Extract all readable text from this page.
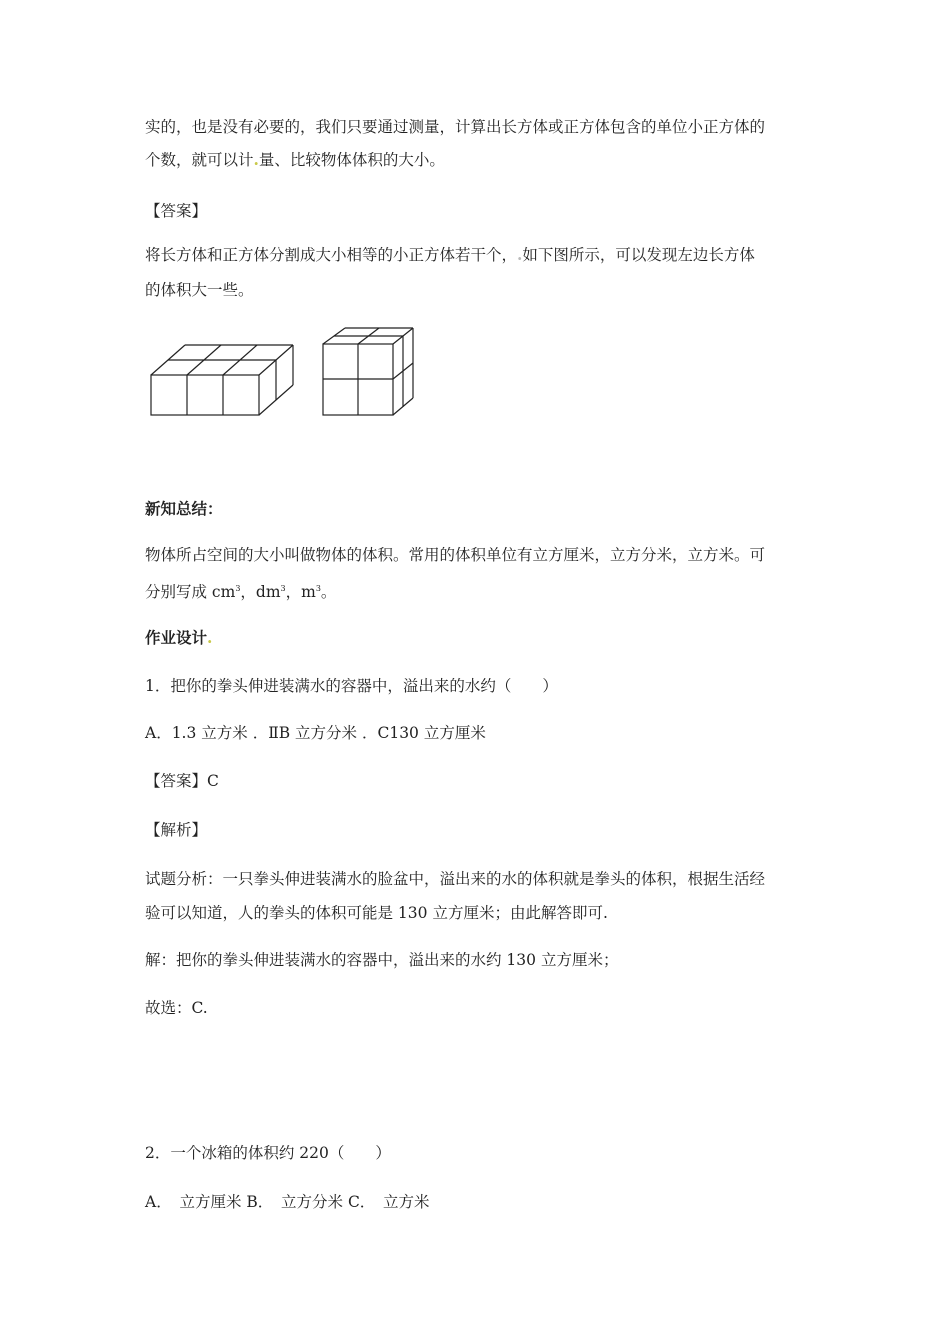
实的，也是没有必要的，我们只要通过测量，计算出长方体或正方体包含的单位小正方体的
个数，就可以计.量、比较物体体积的大小。
【答案】
将长方体和正方体分割成大小相等的小正方体若干个，.如下图所示，可以发现左边长方体
的体积大一些。
新知总结：
物体所占空间的大小叫做物体的体积。常用的体积单位有立方厘米，立方分米，立方米。可
分别写成 $cm^3$，$dm^3$，$m^3$。
作业设计.
1．把你的拳头伸进装满水的容器中，溢出来的水约（　　）
A．1.3 立方米 ．ⅡB 立方分米 ．C130 立方厘米
【答案】C
【解析】
试题分析：一只拳头伸进装满水的脸盆中，溢出来的水的体积就是拳头的体积，根据生活经
验可以知道，人的拳头的体积可能是 130 立方厘米；由此解答即可.
解：把你的拳头伸进装满水的容器中，溢出来的水约 130 立方厘米；
故选：C.
2．一个冰箱的体积约 220（　　）
A．　立方厘米 B．　立方分米 C．　立方米
